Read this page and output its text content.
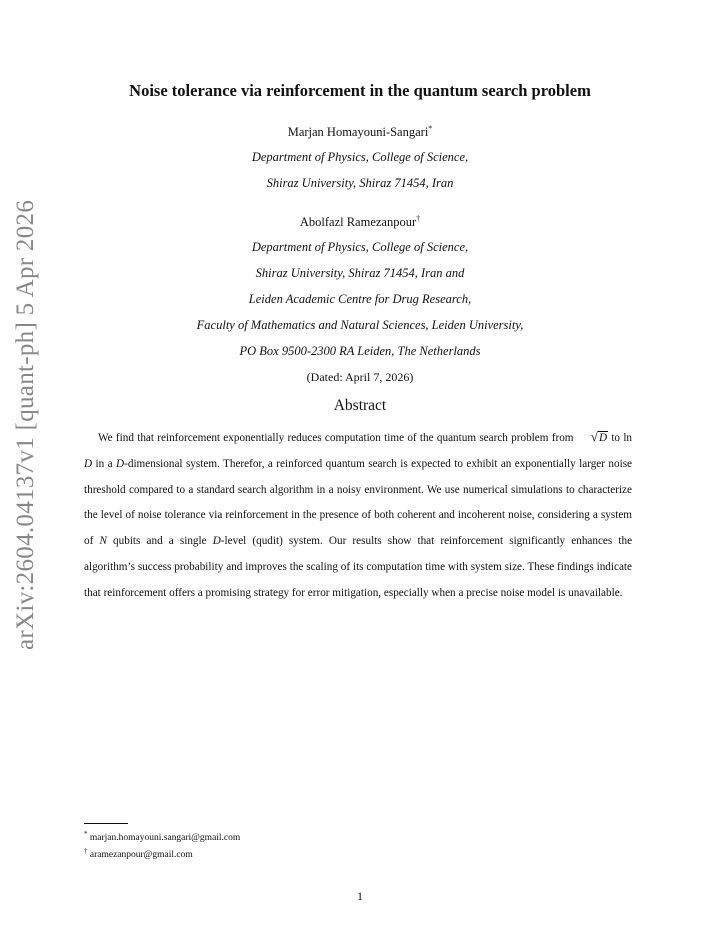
arXiv:2604.04137v1 [quant-ph] 5 Apr 2026
Noise tolerance via reinforcement in the quantum search problem
Marjan Homayouni-Sangari*
Department of Physics, College of Science,
Shiraz University, Shiraz 71454, Iran
Abolfazl Ramezanpour†
Department of Physics, College of Science,
Shiraz University, Shiraz 71454, Iran and
Leiden Academic Centre for Drug Research,
Faculty of Mathematics and Natural Sciences, Leiden University,
PO Box 9500-2300 RA Leiden, The Netherlands
(Dated: April 7, 2026)
Abstract
We find that reinforcement exponentially reduces computation time of the quantum search problem from √D to ln D in a D-dimensional system. Therefor, a reinforced quantum search is expected to exhibit an exponentially larger noise threshold compared to a standard search algorithm in a noisy environment. We use numerical simulations to characterize the level of noise tolerance via reinforcement in the presence of both coherent and incoherent noise, considering a system of N qubits and a single D-level (qudit) system. Our results show that reinforcement significantly enhances the algorithm’s success probability and improves the scaling of its computation time with system size. These findings indicate that reinforcement offers a promising strategy for error mitigation, especially when a precise noise model is unavailable.
* marjan.homayouni.sangari@gmail.com
† aramezanpour@gmail.com
1
